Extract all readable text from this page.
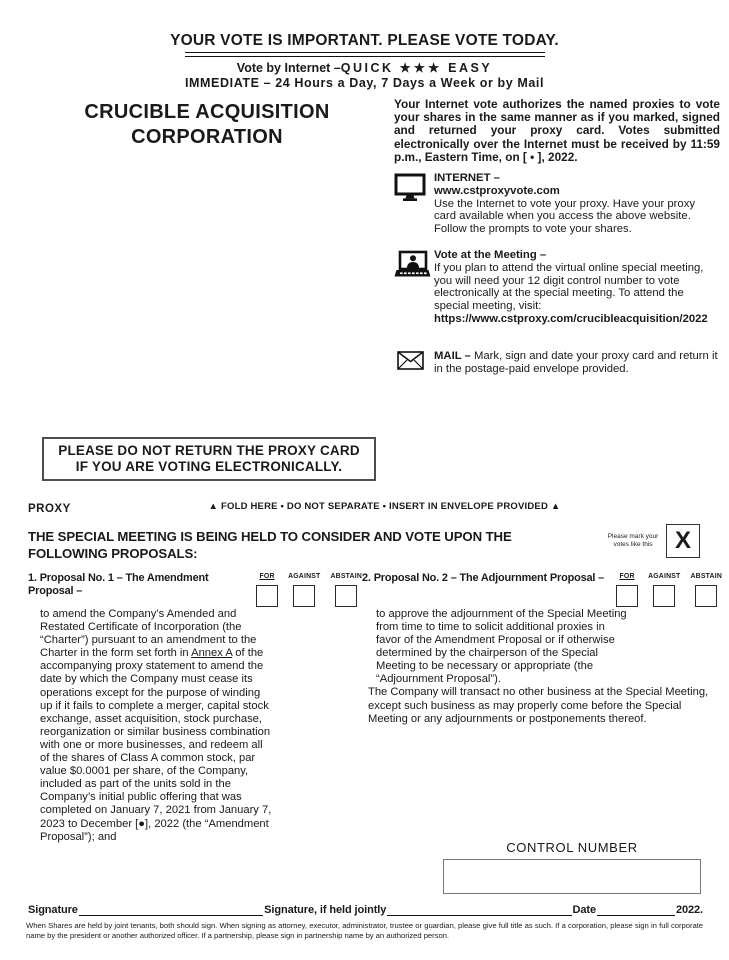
YOUR VOTE IS IMPORTANT. PLEASE VOTE TODAY.
Vote by Internet –QUICK ★★★ EASY
IMMEDIATE – 24 Hours a Day, 7 Days a Week or by Mail
CRUCIBLE ACQUISITION
CORPORATION
Your Internet vote authorizes the named proxies to vote your shares in the same manner as if you marked, signed and returned your proxy card. Votes submitted electronically over the Internet must be received by 11:59 p.m., Eastern Time, on [ • ], 2022.
INTERNET –
www.cstproxyvote.com
Use the Internet to vote your proxy. Have your proxy card available when you access the above website. Follow the prompts to vote your shares.
Vote at the Meeting –
If you plan to attend the virtual online special meeting, you will need your 12 digit control number to vote electronically at the special meeting. To attend the special meeting, visit:
https://www.cstproxy.com/crucibleacquisition/2022
MAIL – Mark, sign and date your proxy card and return it in the postage-paid envelope provided.
PLEASE DO NOT RETURN THE PROXY CARD
IF YOU ARE VOTING ELECTRONICALLY.
PROXY	▲ FOLD HERE • DO NOT SEPARATE • INSERT IN ENVELOPE PROVIDED ▲
THE SPECIAL MEETING IS BEING HELD TO CONSIDER AND VOTE UPON THE
FOLLOWING PROPOSALS:
Please mark your votes like this X
1. Proposal No. 1 – The Amendment Proposal –
FOR AGAINST ABSTAIN
to amend the Company’s Amended and Restated Certificate of Incorporation (the “Charter”) pursuant to an amendment to the Charter in the form set forth in Annex A of the accompanying proxy statement to amend the date by which the Company must cease its operations except for the purpose of winding up if it fails to complete a merger, capital stock exchange, asset acquisition, stock purchase, reorganization or similar business combination with one or more businesses, and redeem all of the shares of Class A common stock, par value $0.0001 per share, of the Company, included as part of the units sold in the Company’s initial public offering that was completed on January 7, 2021 from January 7, 2023 to December [●], 2022 (the “Amendment Proposal”); and
2. Proposal No. 2 – The Adjournment Proposal –	FOR AGAINST ABSTAIN
to approve the adjournment of the Special Meeting from time to time to solicit additional proxies in favor of the Amendment Proposal or if otherwise determined by the chairperson of the Special Meeting to be necessary or appropriate (the “Adjournment Proposal”).
The Company will transact no other business at the Special Meeting, except such business as may properly come before the Special Meeting or any adjournments or postponements thereof.
CONTROL NUMBER
Signature	Signature, if held jointly	Date	2022.
When Shares are held by joint tenants, both should sign. When signing as attorney, executor, administrator, trustee or guardian, please give full title as such. If a corporation, please sign in full corporate name by the president or another authorized officer. If a partnership, please sign in partnership name by an authorized person.
